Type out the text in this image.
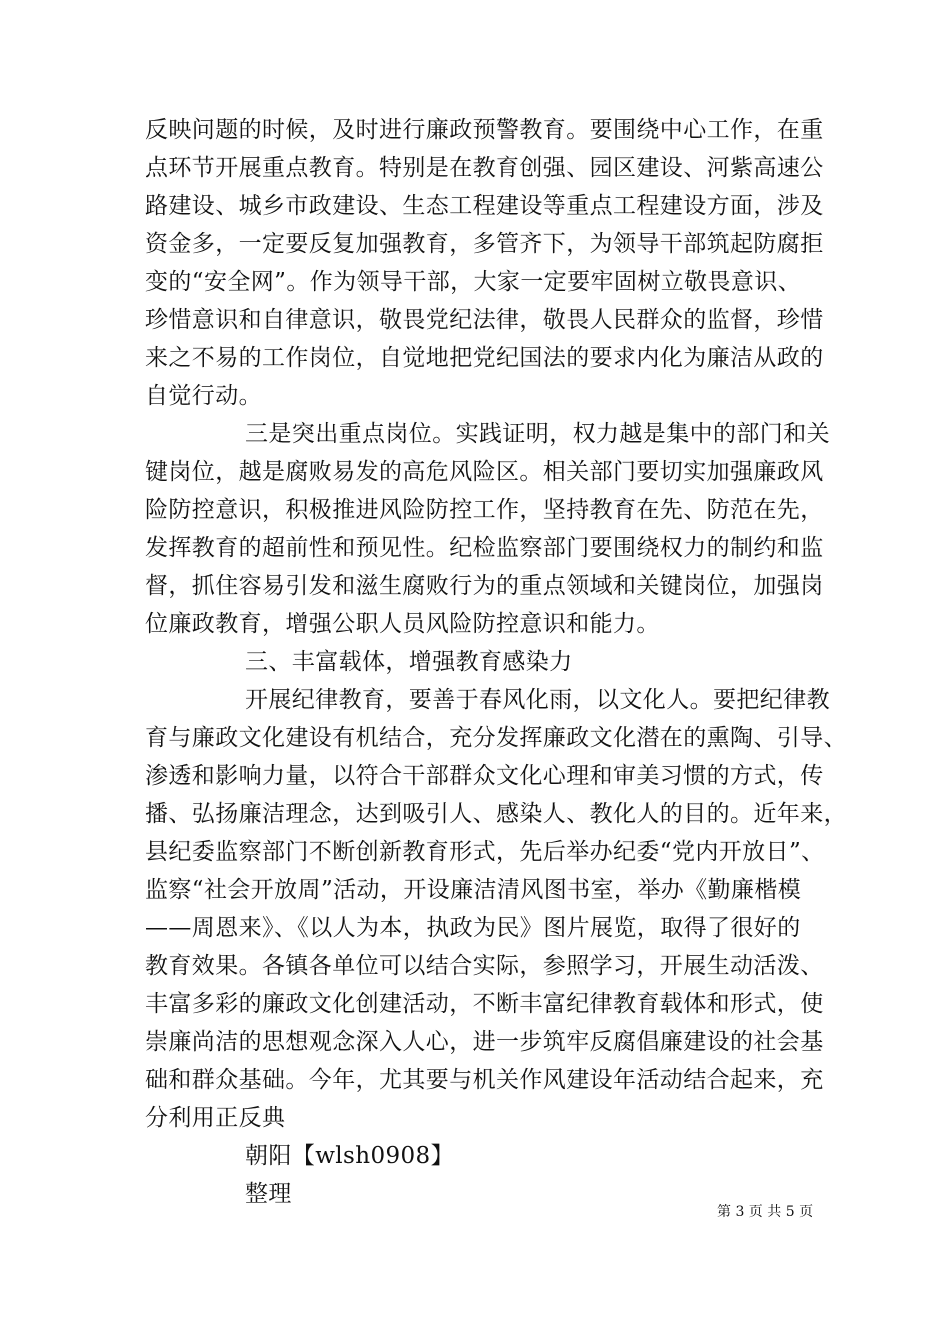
反映问题的时候，及时进行廉政预警教育。要围绕中心工作，在重
点环节开展重点教育。特别是在教育创强、园区建设、河紫高速公
路建设、城乡市政建设、生态工程建设等重点工程建设方面，涉及
资金多，一定要反复加强教育，多管齐下，为领导干部筑起防腐拒
变的“安全网”。作为领导干部，大家一定要牢固树立敬畏意识、
珍惜意识和自律意识，敬畏党纪法律，敬畏人民群众的监督，珍惜
来之不易的工作岗位，自觉地把党纪国法的要求内化为廉洁从政的
自觉行动。
三是突出重点岗位。实践证明，权力越是集中的部门和关
键岗位，越是腐败易发的高危风险区。相关部门要切实加强廉政风
险防控意识，积极推进风险防控工作，坚持教育在先、防范在先，
发挥教育的超前性和预见性。纪检监察部门要围绕权力的制约和监
督，抓住容易引发和滋生腐败行为的重点领域和关键岗位，加强岗
位廉政教育，增强公职人员风险防控意识和能力。
三、丰富载体，增强教育感染力
开展纪律教育，要善于春风化雨，以文化人。要把纪律教
育与廉政文化建设有机结合，充分发挥廉政文化潜在的熏陶、引导、
渗透和影响力量，以符合干部群众文化心理和审美习惯的方式，传
播、弘扬廉洁理念，达到吸引人、感染人、教化人的目的。近年来，
县纪委监察部门不断创新教育形式，先后举办纪委“党内开放日”、
监察“社会开放周”活动，开设廉洁清风图书室，举办《勤廉楷模
——周恩来》、《以人为本，执政为民》图片展览，取得了很好的
教育效果。各镇各单位可以结合实际，参照学习，开展生动活泼、
丰富多彩的廉政文化创建活动，不断丰富纪律教育载体和形式，使
崇廉尚洁的思想观念深入人心，进一步筑牢反腐倡廉建设的社会基
础和群众基础。今年，尤其要与机关作风建设年活动结合起来，充
分利用正反典
朝阳【wlsh0908】
整理
第 3 页 共 5 页
